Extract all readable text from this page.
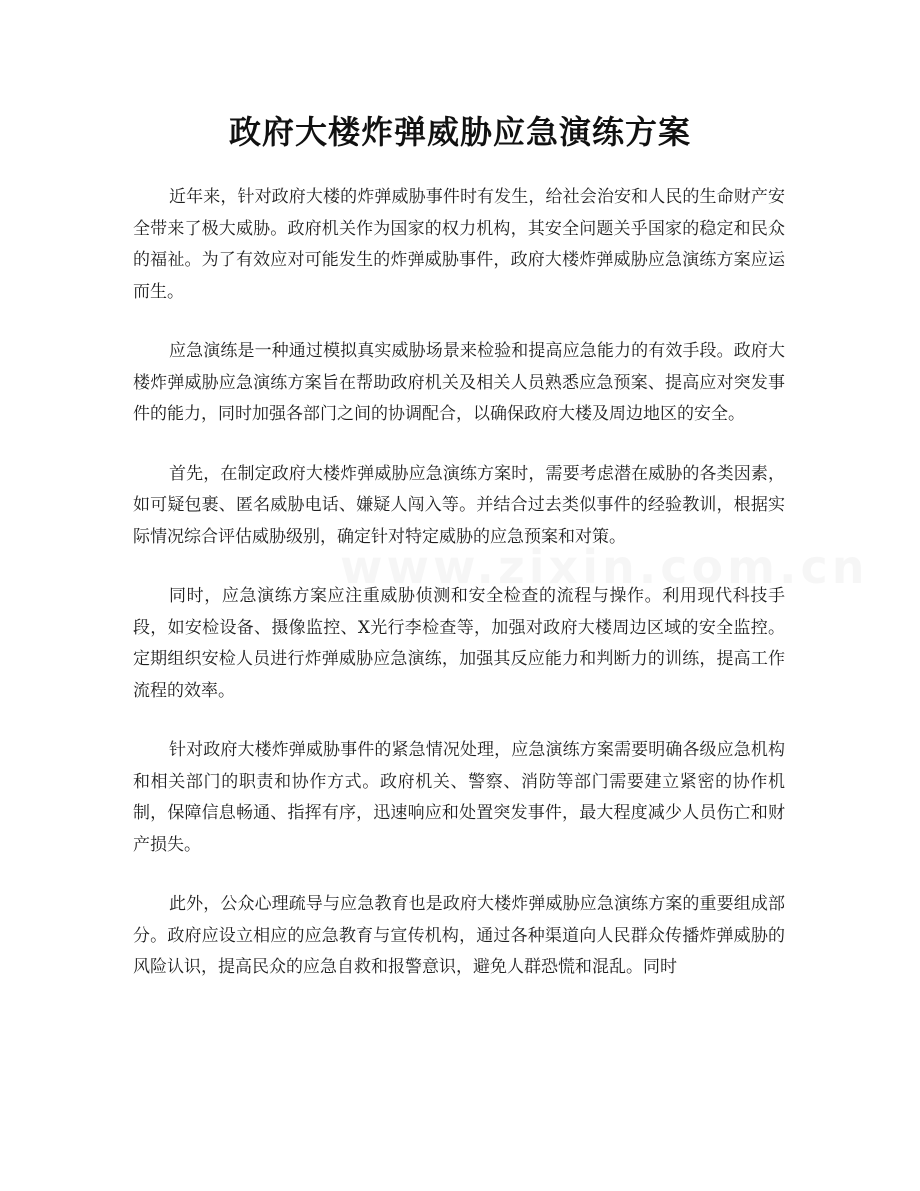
政府大楼炸弹威胁应急演练方案

近年来，针对政府大楼的炸弹威胁事件时有发生，给社会治安和人民的生命财产安全带来了极大威胁。政府机关作为国家的权力机构，其安全问题关乎国家的稳定和民众的福祉。为了有效应对可能发生的炸弹威胁事件，政府大楼炸弹威胁应急演练方案应运而生。

应急演练是一种通过模拟真实威胁场景来检验和提高应急能力的有效手段。政府大楼炸弹威胁应急演练方案旨在帮助政府机关及相关人员熟悉应急预案、提高应对突发事件的能力，同时加强各部门之间的协调配合，以确保政府大楼及周边地区的安全。

首先，在制定政府大楼炸弹威胁应急演练方案时，需要考虑潜在威胁的各类因素，如可疑包裹、匿名威胁电话、嫌疑人闯入等。并结合过去类似事件的经验教训，根据实际情况综合评估威胁级别，确定针对特定威胁的应急预案和对策。

同时，应急演练方案应注重威胁侦测和安全检查的流程与操作。利用现代科技手段，如安检设备、摄像监控、X光行李检查等，加强对政府大楼周边区域的安全监控。定期组织安检人员进行炸弹威胁应急演练，加强其反应能力和判断力的训练，提高工作流程的效率。

针对政府大楼炸弹威胁事件的紧急情况处理，应急演练方案需要明确各级应急机构和相关部门的职责和协作方式。政府机关、警察、消防等部门需要建立紧密的协作机制，保障信息畅通、指挥有序，迅速响应和处置突发事件，最大程度减少人员伤亡和财产损失。

此外，公众心理疏导与应急教育也是政府大楼炸弹威胁应急演练方案的重要组成部分。政府应设立相应的应急教育与宣传机构，通过各种渠道向人民群众传播炸弹威胁的风险认识，提高民众的应急自救和报警意识，避免人群恐慌和混乱。同时
